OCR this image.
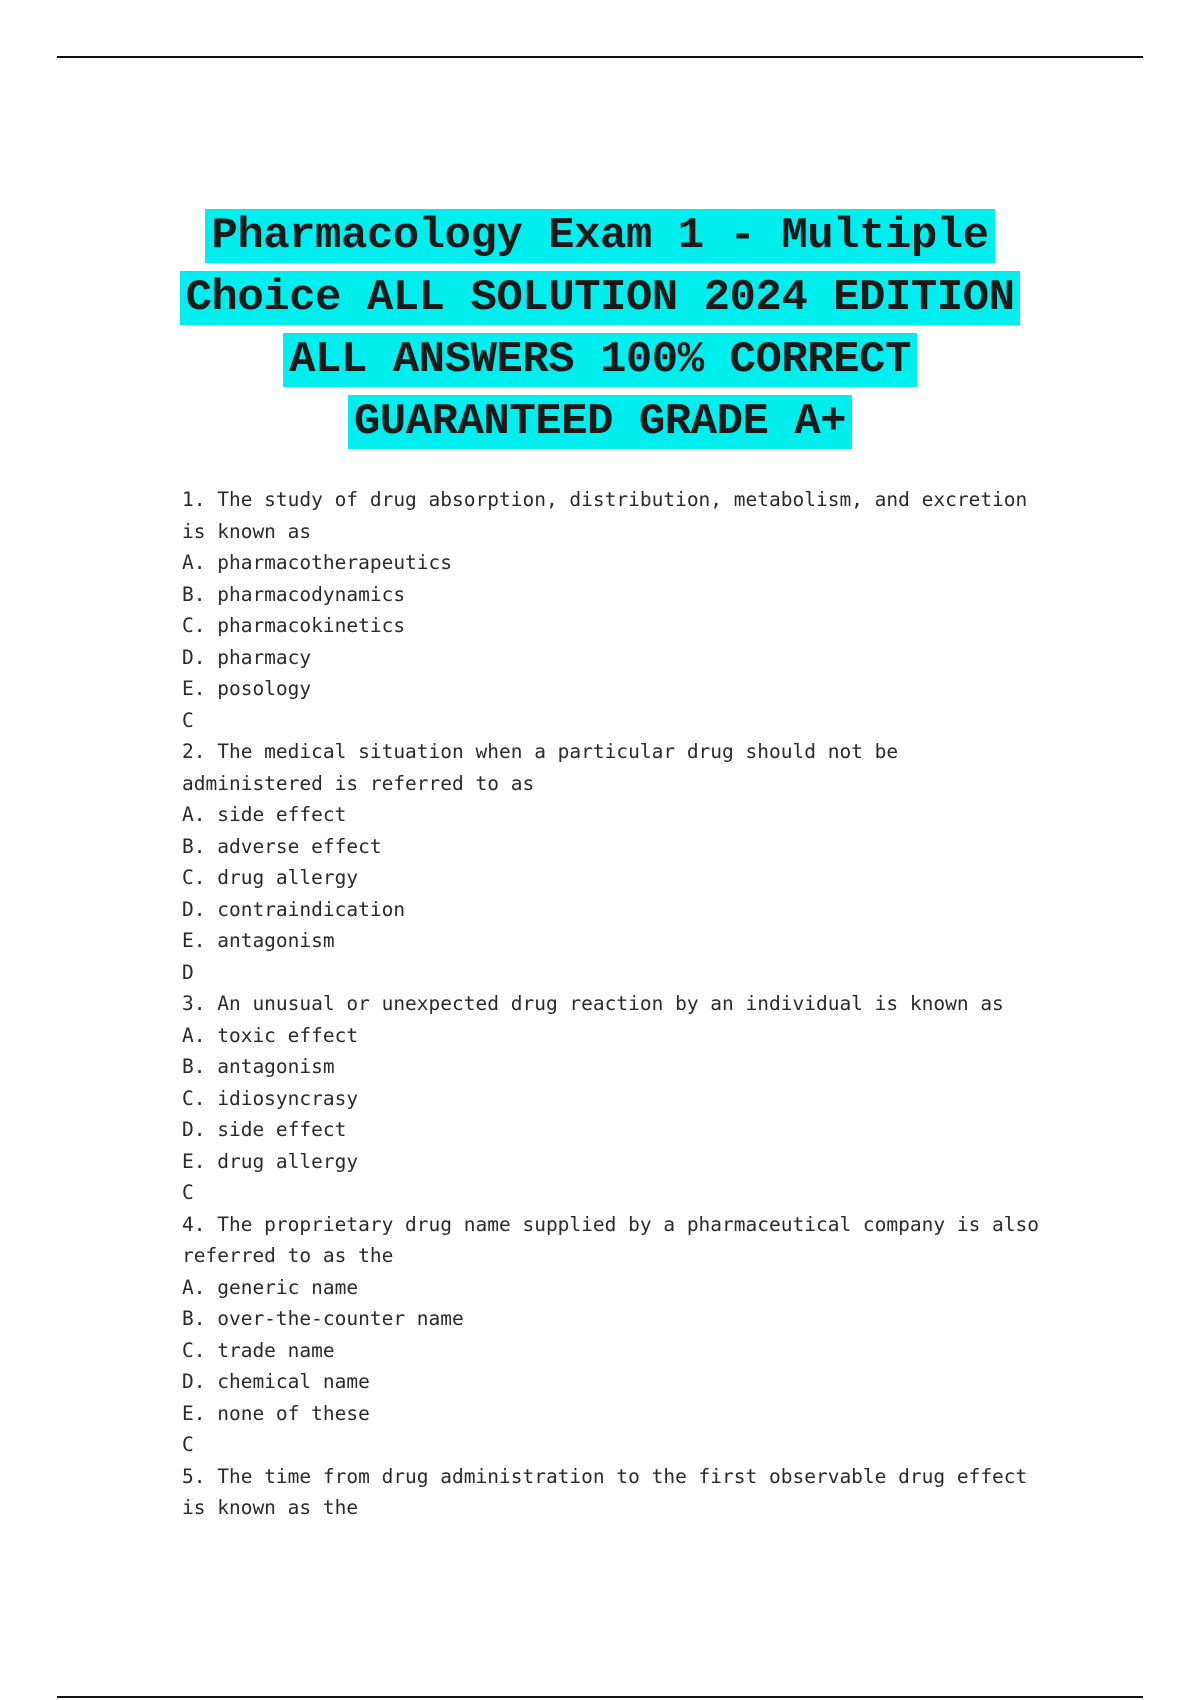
Pharmacology Exam 1 - Multiple Choice ALL SOLUTION 2024 EDITION ALL ANSWERS 100% CORRECT GUARANTEED GRADE A+
1. The study of drug absorption, distribution, metabolism, and excretion is known as
A. pharmacotherapeutics
B. pharmacodynamics
C. pharmacokinetics
D. pharmacy
E. posology
C
2. The medical situation when a particular drug should not be administered is referred to as
A. side effect
B. adverse effect
C. drug allergy
D. contraindication
E. antagonism
D
3. An unusual or unexpected drug reaction by an individual is known as
A. toxic effect
B. antagonism
C. idiosyncrasy
D. side effect
E. drug allergy
C
4. The proprietary drug name supplied by a pharmaceutical company is also referred to as the
A. generic name
B. over-the-counter name
C. trade name
D. chemical name
E. none of these
C
5. The time from drug administration to the first observable drug effect is known as the
